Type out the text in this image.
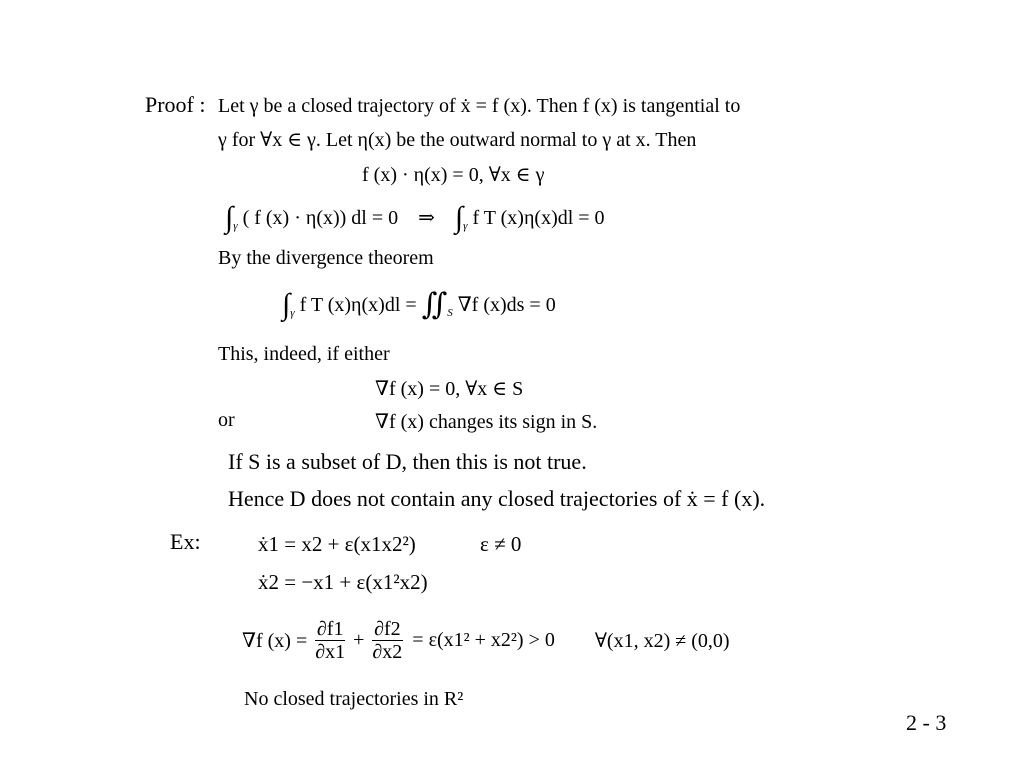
Proof : Let γ be a closed trajectory of ẋ = f (x). Then f (x) is tangential to
γ for ∀x ∈ γ. Let η(x) be the outward normal to γ at x. Then
f (x) · η(x) = 0, ∀x ∈ γ
$\int_\gamma$ ( f (x) · η(x)) dl = 0 ⇒ $\int_\gamma$ f T (x)η(x)dl = 0
By the divergence theorem
$\int_\gamma$ f T $(x)\eta(x)dl = ∬_S$ ∇f (x)ds = 0
This, indeed, if either
∇f (x) = 0, ∀x ∈ S
or	∇f (x) changes its sign in S.
If S is a subset of D, then this is not true.
Hence D does not contain any closed trajectories of ẋ = f (x).
Ex:	ẋ1 = x2 + ε(x1x2²)	ε ≠ 0
ẋ2 = −x1 + ε(x1²x2)
∇f $(x) = \frac{\partial f1}{\partial x1} + \frac{\partial f2}{\partial x2} = \varepsilon(x1^2 + x2^2) > 0$ ∀(x1, x2) ≠ (0,0)
No closed trajectories in R²
2 - 3
